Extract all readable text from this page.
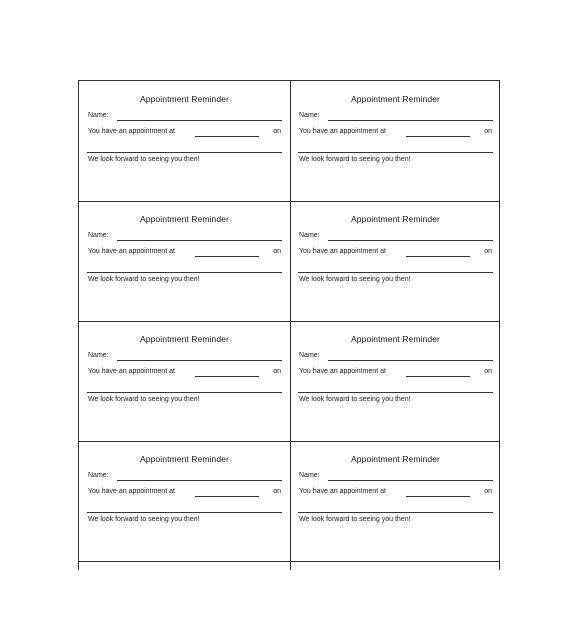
Appointment Reminder
Name:
You have an appointment at	on
We look forward to seeing you then!
Appointment Reminder
Name:
You have an appointment at	on
We look forward to seeing you then!
Appointment Reminder
Name:
You have an appointment at	on
We look forward to seeing you then!
Appointment Reminder
Name:
You have an appointment at	on
We look forward to seeing you then!
Appointment Reminder
Name:
You have an appointment at	on
We look forward to seeing you then!
Appointment Reminder
Name:
You have an appointment at	on
We look forward to seeing you then!
Appointment Reminder
Name:
You have an appointment at	on
We look forward to seeing you then!
Appointment Reminder
Name:
You have an appointment at	on
We look forward to seeing you then!
